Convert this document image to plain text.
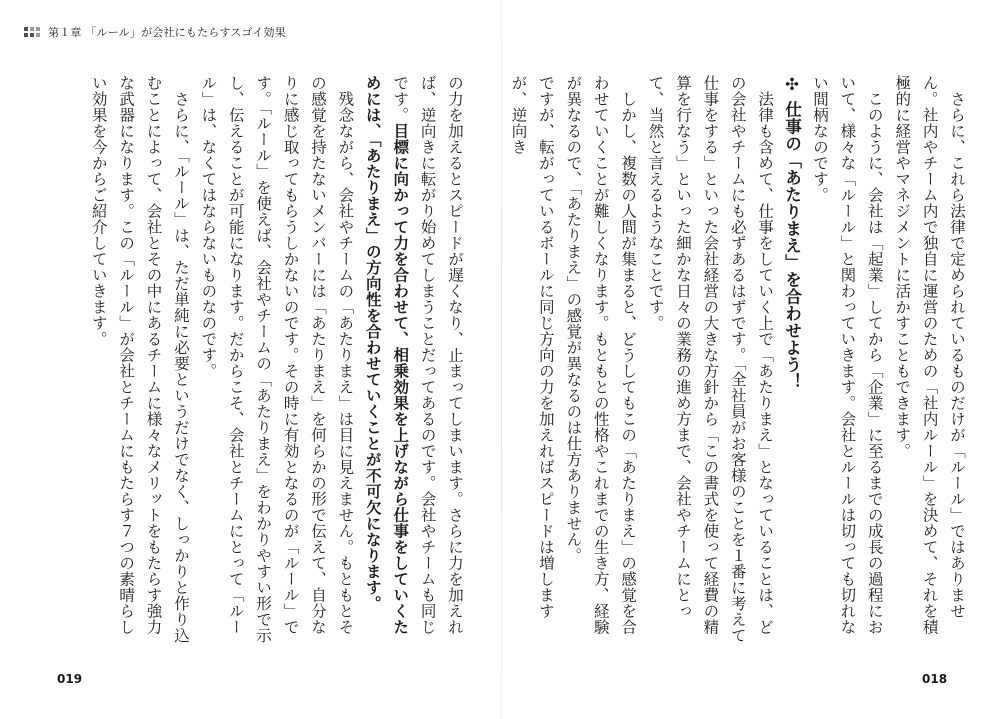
第１章 「ルール」が会社にもたらすスゴイ効果

さらに、これら法律で定められているものだけが「ルール」ではありません。社内やチーム内で独自に運営のための「社内ルール」を決めて、それを積極的に経営やマネジメントに活かすこともできます。

このように、会社は「起業」してから「企業」に至るまでの成長の過程において、様々な「ルール」と関わっていきます。会社とルールは切っても切れない間柄なのです。

✣ 仕事の「あたりまえ」を合わせよう！

法律も含めて、仕事をしていく上で「あたりまえ」となっていることは、どの会社やチームにも必ずあるはずです。「全社員がお客様のことを１番に考えて仕事をする」といった会社経営の大きな方針から「この書式を使って経費の精算を行なう」といった細かな日々の業務の進め方まで、会社やチームにとって、当然と言えるようなことです。

しかし、複数の人間が集まると、どうしてもこの「あたりまえ」の感覚を合わせていくことが難しくなります。もともとの性格やこれまでの生き方、経験が異なるので、「あたりまえ」の感覚が異なるのは仕方ありません。

ですが、転がっているボールに同じ方向の力を加えればスピードは増しますが、逆向き

の力を加えるとスピードが遅くなり、止まってしまいます。さらに力を加えれば、逆向きに転がり始めてしまうことだってあるのです。会社やチームも同じです。目標に向かって力を合わせて、相乗効果を上げながら仕事をしていくためには、「あたりまえ」の方向性を合わせていくことが不可欠になります。

残念ながら、会社やチームの「あたりまえ」は目に見えません。もともとその感覚を持たないメンバーには「あたりまえ」を何らかの形で伝えて、自分なりに感じ取ってもらうしかないのです。その時に有効となるのが「ルール」です。「ルール」を使えば、会社やチームの「あたりまえ」をわかりやすい形で示し、伝えることが可能になります。だからこそ、会社とチームにとって「ルール」は、なくてはならないものなのです。

さらに、「ルール」は、ただ単純に必要というだけでなく、しっかりと作り込むことによって、会社とその中にあるチームに様々なメリットをもたらす強力な武器になります。この「ルール」が会社とチームにもたらす７つの素晴らしい効果を今からご紹介していきます。

019	018
